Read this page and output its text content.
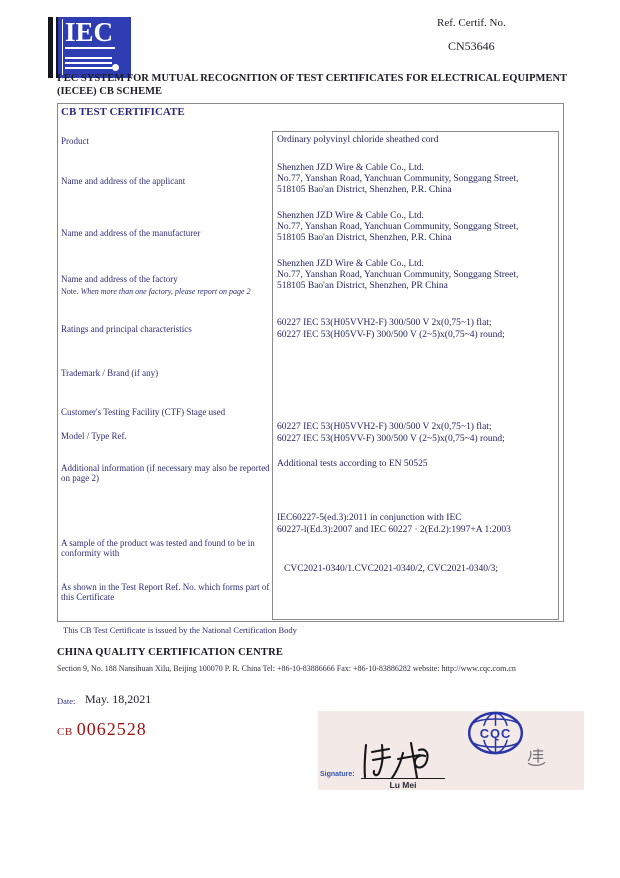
IEC	Ref. Certif. No.
CN53646
I EC SYSTEM FOR MUTUAL RECOGNITION OF TEST CERTIFICATES FOR ELECTRICAL EQUIPMENT (IECEE) CB SCHEME
CB TEST CERTIFICATE
Product
Name and address of the applicant
Name and address of the manufacturer
Name and address of the factory
Note. When more than one factory, please report on page 2
Ratings and principal characteristics
Trademark / Brand (if any)
Customer's Testing Facility (CTF) Stage used
Model / Type Ref.
Additional information (if necessary may also be reported on page 2)
A sample of the product was tested and found to be in conformity with
As shown in the Test Report Ref. No. which forms part of this Certificate
Ordinary polyvinyl chloride sheathed cord
Shenzhen JZD Wire & Cable Co., Ltd.
No.77, Yanshan Road, Yanchuan Community, Songgang Street,
518105 Bao'an District, Shenzhen, P.R. China
Shenzhen JZD Wire & Cable Co., Ltd.
No.77, Yanshan Road, Yanchuan Community, Songgang Street,
518105 Bao'an District, Shenzhen, P.R. China
Shenzhen JZD Wire & Cable Co., Ltd.
No.77, Yanshan Road, Yanchuan Community, Songgang Street,
518105 Bao'an District, Shenzhen, PR China
60227 IEC 53(H05VVH2-F) 300/500 V 2x(0,75~1) flat;
60227 IEC 53(H05VV-F) 300/500 V (2~5)x(0,75~4) round;
60227 IEC 53(H05VVH2-F) 300/500 V 2x(0,75~1) flat;
60227 IEC 53(H05VV-F) 300/500 V (2~5)x(0,75~4) round;
Additional tests according to EN 50525
IEC60227-5(ed.3):2011 in conjunction with IEC
60227-l(Ed.3):2007 and IEC 60227 · 2(Ed.2):1997+A 1:2003
CVC2021-0340/1.CVC2021-0340/2, CVC2021-0340/3;
This CB Test Certificate is issued by the National Certification Body
CHINA QUALITY CERTIFICATION CENTRE
Section 9, No. 188 Nansihuan Xilu, Beijing 100070 P. R. China Tel: +86-10-83886666 Fax: +86-10-83886282 website: http://www.cqc.com.cn
Date: May. 18,2021
CB 0062528	CQC
Signature:
Lu Mei
